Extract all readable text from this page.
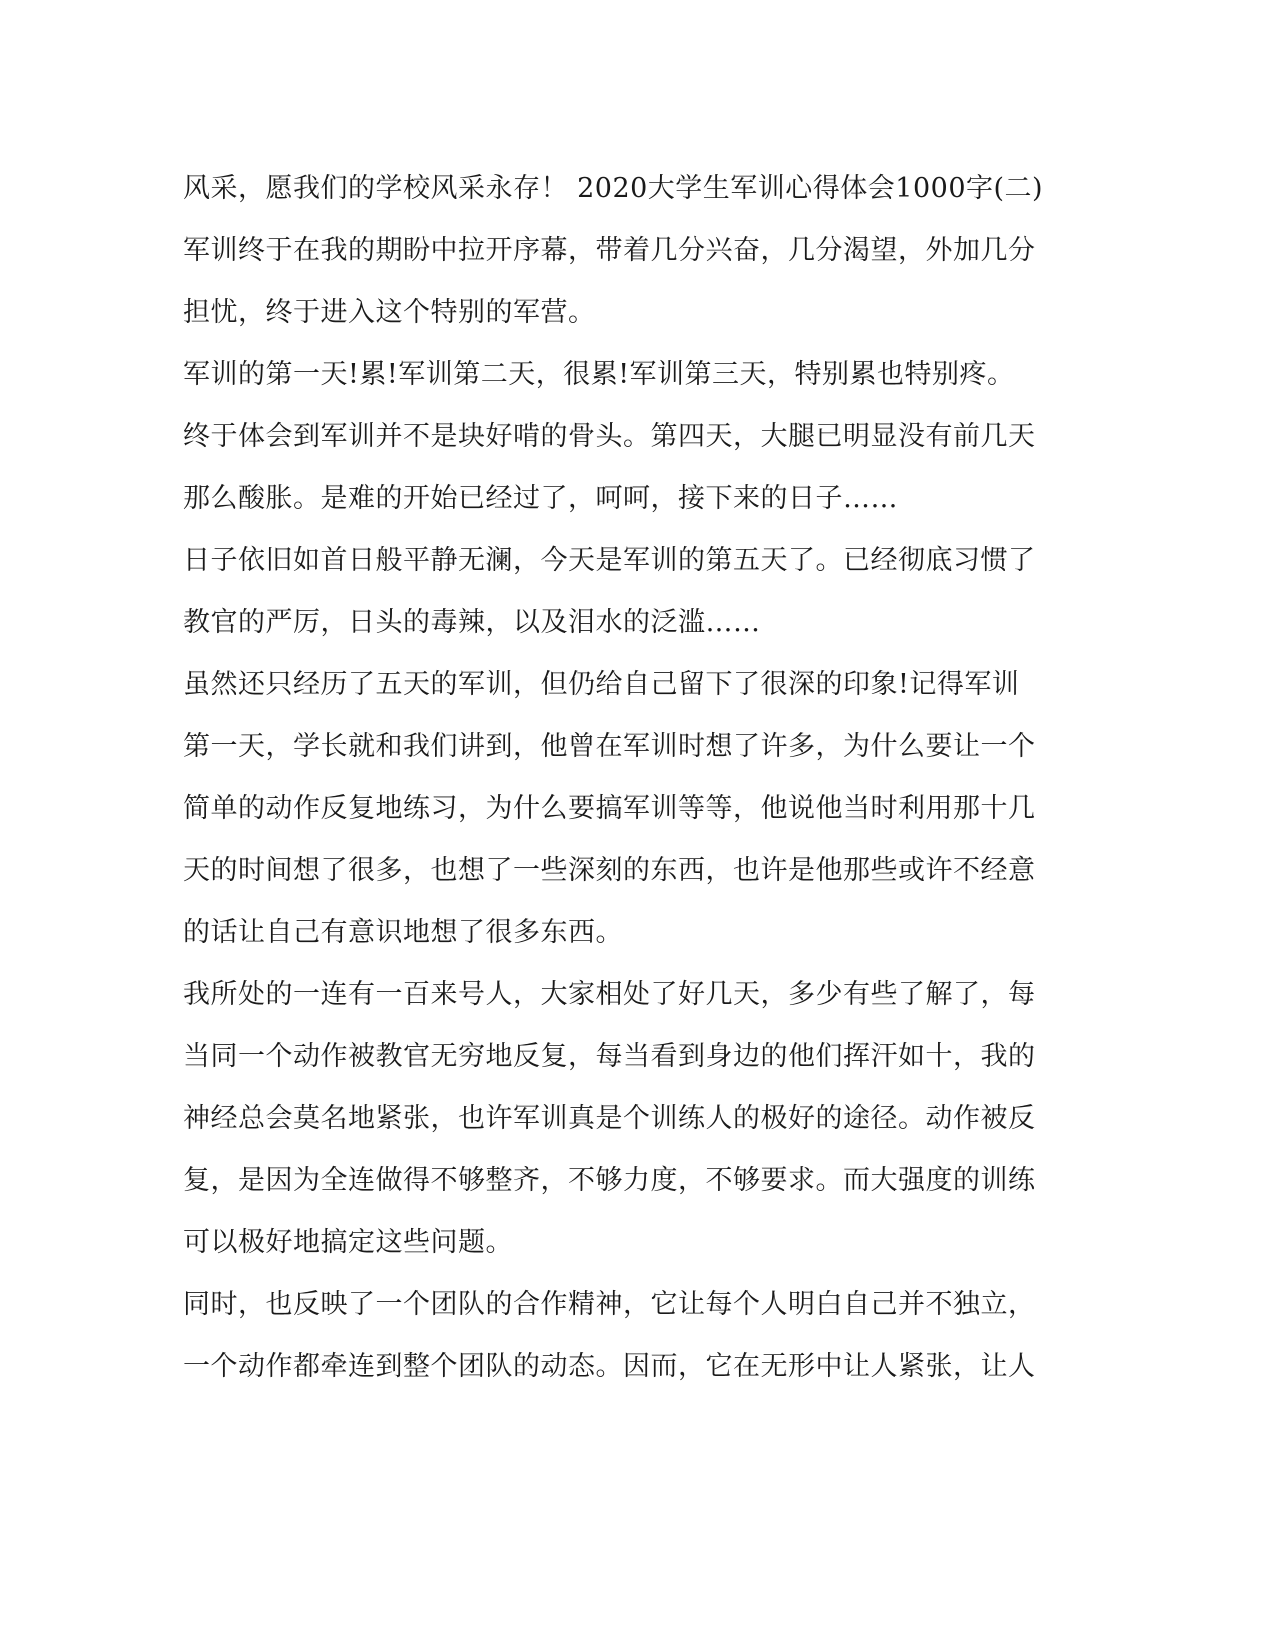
风采，愿我们的学校风采永存！ 2020大学生军训心得体会1000字(二)
军训终于在我的期盼中拉开序幕，带着几分兴奋，几分渴望，外加几分
担忧，终于进入这个特别的军营。
军训的第一天!累!军训第二天，很累!军训第三天，特别累也特别疼。
终于体会到军训并不是块好啃的骨头。第四天，大腿已明显没有前几天
那么酸胀。是难的开始已经过了，呵呵，接下来的日子……
日子依旧如首日般平静无澜，今天是军训的第五天了。已经彻底习惯了
教官的严厉，日头的毒辣，以及泪水的泛滥……
虽然还只经历了五天的军训，但仍给自己留下了很深的印象!记得军训
第一天，学长就和我们讲到，他曾在军训时想了许多，为什么要让一个
简单的动作反复地练习，为什么要搞军训等等，他说他当时利用那十几
天的时间想了很多，也想了一些深刻的东西，也许是他那些或许不经意
的话让自己有意识地想了很多东西。
我所处的一连有一百来号人，大家相处了好几天，多少有些了解了，每
当同一个动作被教官无穷地反复，每当看到身边的他们挥汗如十，我的
神经总会莫名地紧张，也许军训真是个训练人的极好的途径。动作被反
复，是因为全连做得不够整齐，不够力度，不够要求。而大强度的训练
可以极好地搞定这些问题。
同时，也反映了一个团队的合作精神，它让每个人明白自己并不独立，
一个动作都牵连到整个团队的动态。因而，它在无形中让人紧张，让人
